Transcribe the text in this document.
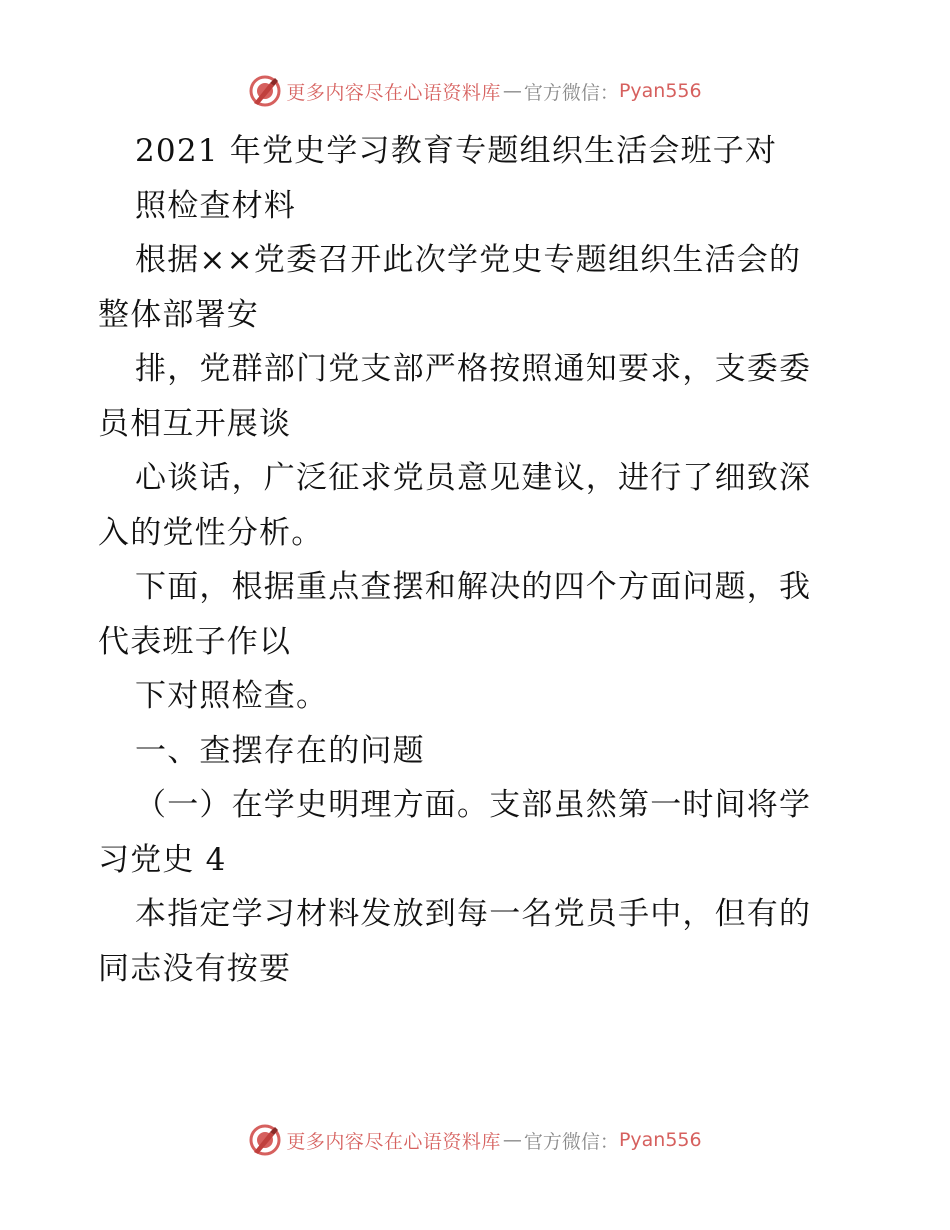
更多内容尽在心语资料库 — 官方微信： Pyan556
2021 年党史学习教育专题组织生活会班子对
照检查材料
根据××党委召开此次学党史专题组织生活会的
整体部署安
排，党群部门党支部严格按照通知要求，支委委
员相互开展谈
心谈话，广泛征求党员意见建议，进行了细致深
入的党性分析。
下面，根据重点查摆和解决的四个方面问题，我
代表班子作以
下对照检查。
一、查摆存在的问题
（一）在学史明理方面。支部虽然第一时间将学
习党史 4
本指定学习材料发放到每一名党员手中，但有的
同志没有按要
更多内容尽在心语资料库 — 官方微信： Pyan556
